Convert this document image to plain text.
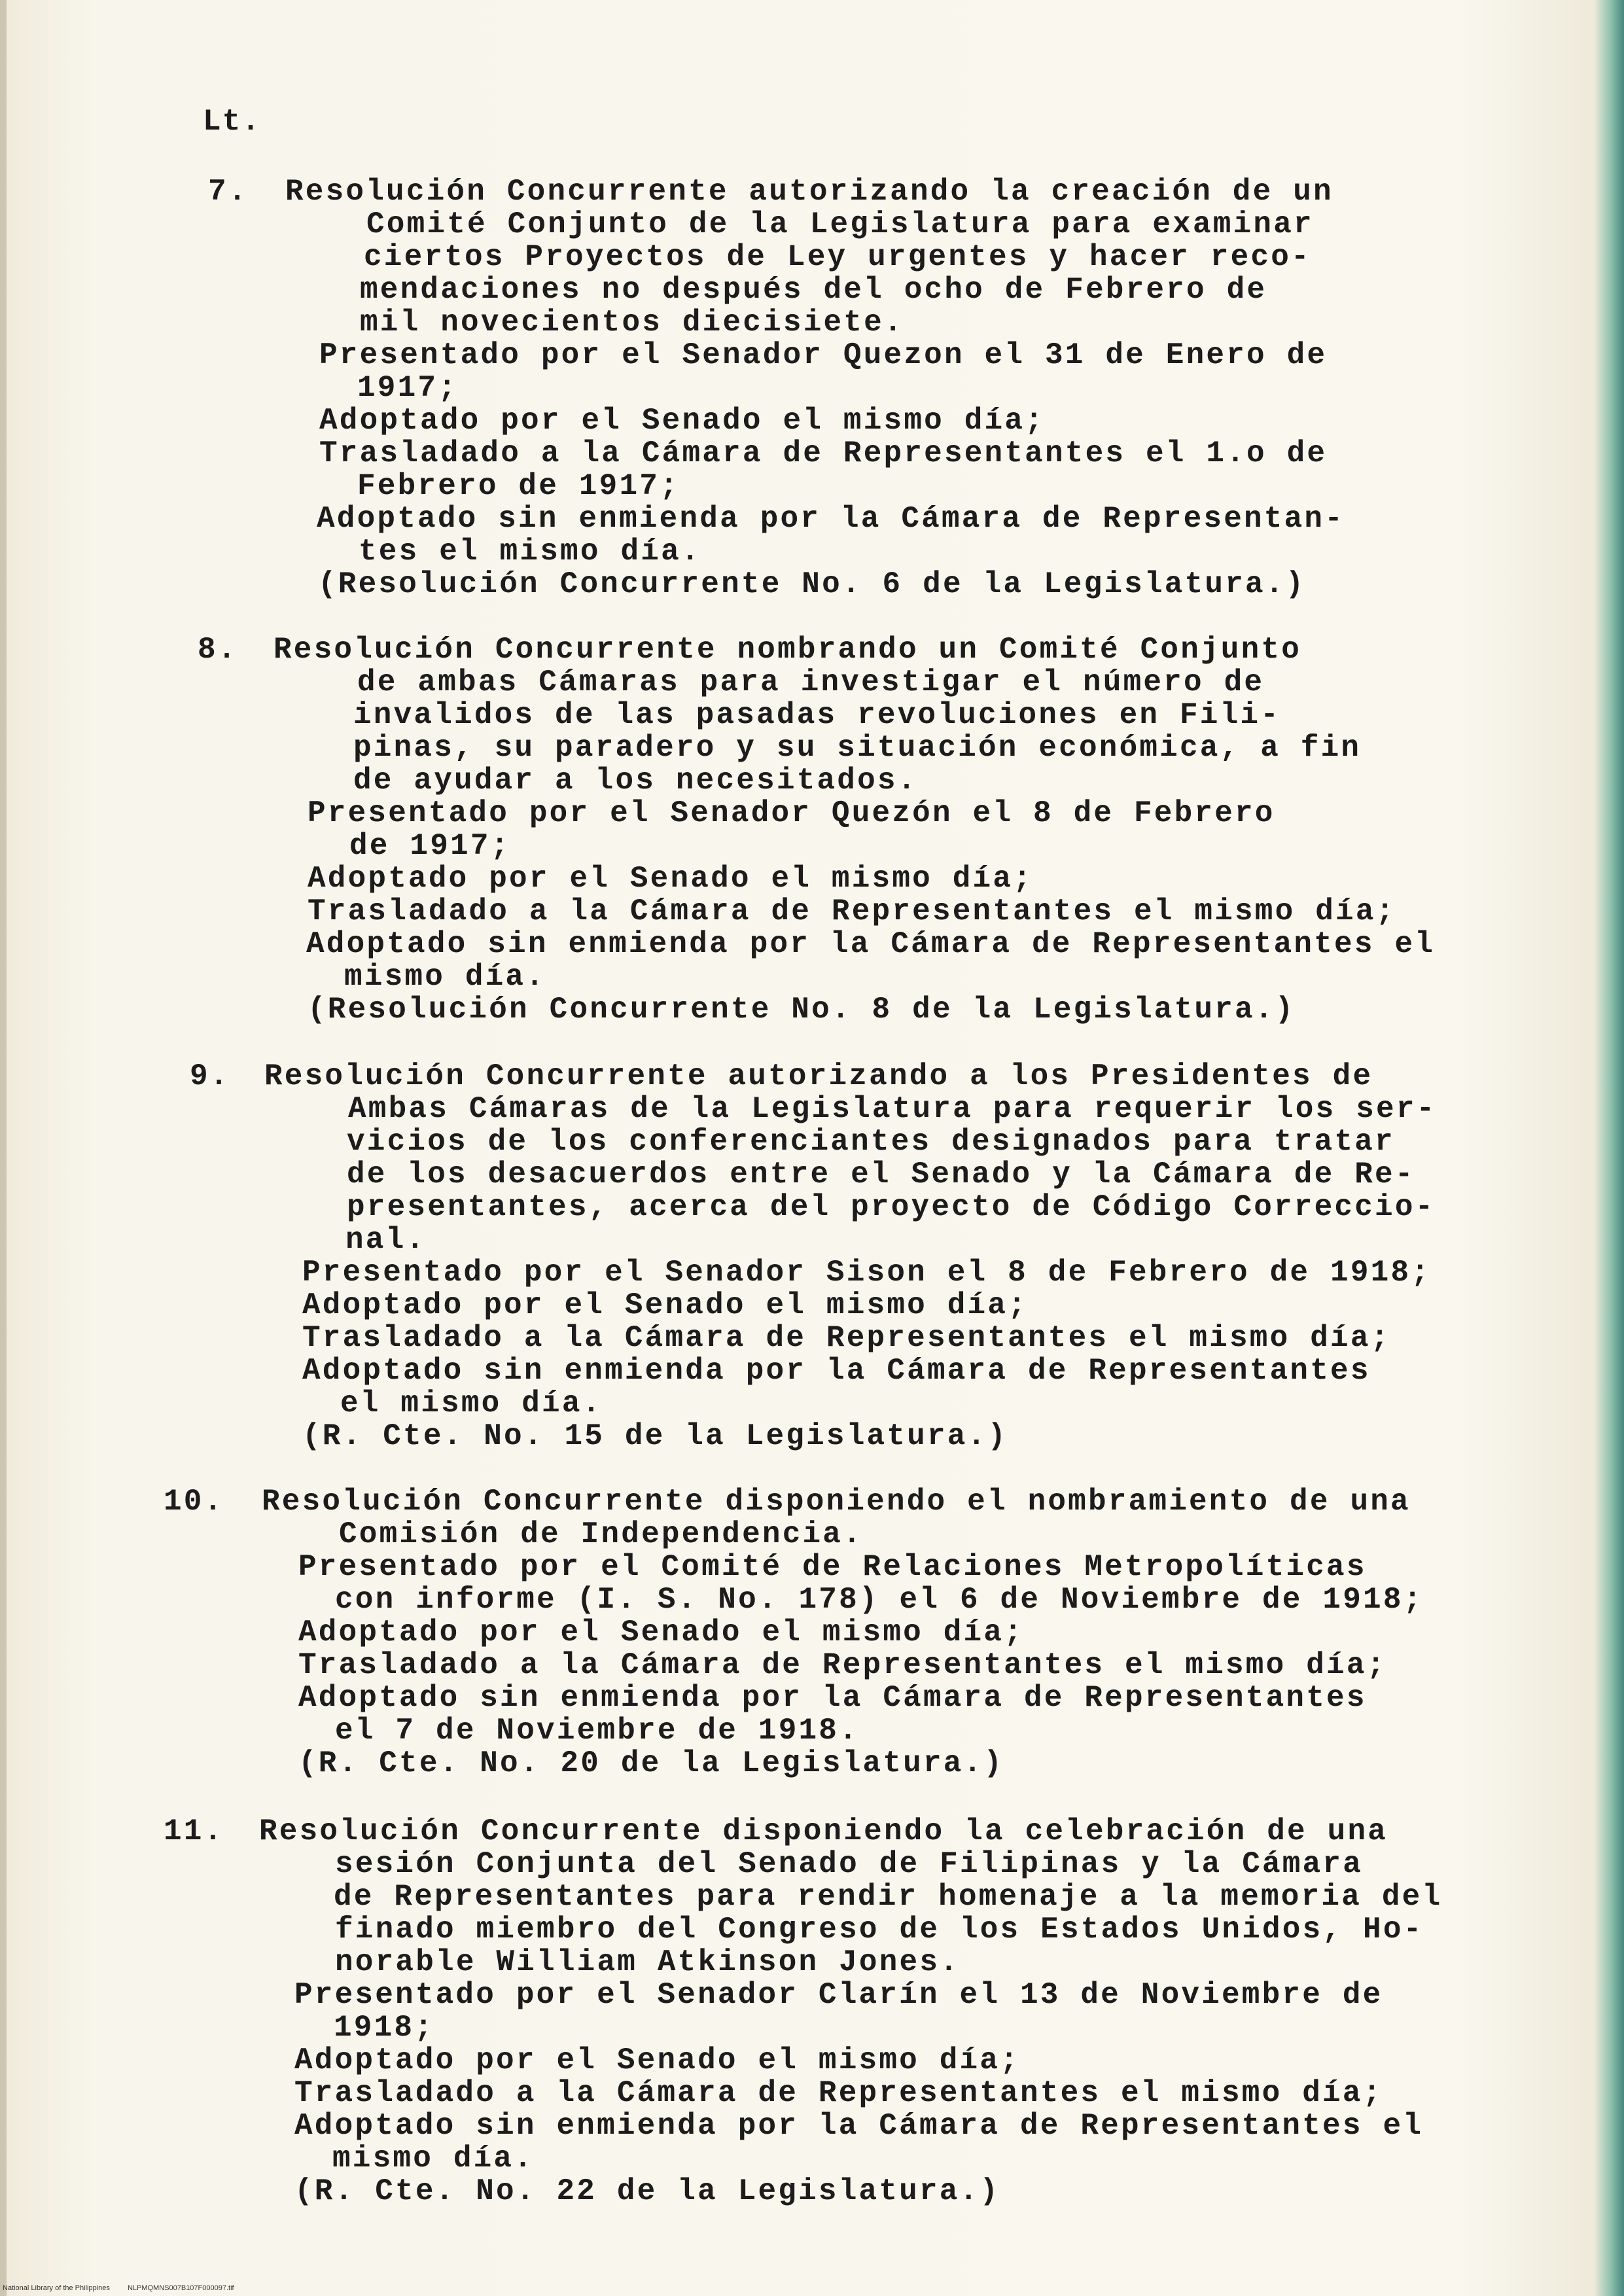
Lt.
7. Resolución Concurrente autorizando la creación de un
Comité Conjunto de la Legislatura para examinar
ciertos Proyectos de Ley urgentes y hacer reco-
mendaciones no después del ocho de Febrero de
mil novecientos diecisiete.
Presentado por el Senador Quezon el 31 de Enero de
1917;
Adoptado por el Senado el mismo día;
Trasladado a la Cámara de Representantes el 1.o de
Febrero de 1917;
Adoptado sin enmienda por la Cámara de Representan-
tes el mismo día.
(Resolución Concurrente No. 6 de la Legislatura.)
8. Resolución Concurrente nombrando un Comité Conjunto
de ambas Cámaras para investigar el número de
invalidos de las pasadas revoluciones en Fili-
pinas, su paradero y su situación económica, a fin
de ayudar a los necesitados.
Presentado por el Senador Quezón el 8 de Febrero
de 1917;
Adoptado por el Senado el mismo día;
Trasladado a la Cámara de Representantes el mismo día;
Adoptado sin enmienda por la Cámara de Representantes el
mismo día.
(Resolución Concurrente No. 8 de la Legislatura.)
9. Resolución Concurrente autorizando a los Presidentes de
Ambas Cámaras de la Legislatura para requerir los ser-
vicios de los conferenciantes designados para tratar
de los desacuerdos entre el Senado y la Cámara de Re-
presentantes, acerca del proyecto de Código Correccio-
nal.
Presentado por el Senador Sison el 8 de Febrero de 1918;
Adoptado por el Senado el mismo día;
Trasladado a la Cámara de Representantes el mismo día;
Adoptado sin enmienda por la Cámara de Representantes
el mismo día.
(R. Cte. No. 15 de la Legislatura.)
10. Resolución Concurrente disponiendo el nombramiento de una
Comisión de Independencia.
Presentado por el Comité de Relaciones Metropolíticas
con informe (I. S. No. 178) el 6 de Noviembre de 1918;
Adoptado por el Senado el mismo día;
Trasladado a la Cámara de Representantes el mismo día;
Adoptado sin enmienda por la Cámara de Representantes
el 7 de Noviembre de 1918.
(R. Cte. No. 20 de la Legislatura.)
11. Resolución Concurrente disponiendo la celebración de una
sesión Conjunta del Senado de Filipinas y la Cámara
de Representantes para rendir homenaje a la memoria del
finado miembro del Congreso de los Estados Unidos, Ho-
norable William Atkinson Jones.
Presentado por el Senador Clarín el 13 de Noviembre de
1918;
Adoptado por el Senado el mismo día;
Trasladado a la Cámara de Representantes el mismo día;
Adoptado sin enmienda por la Cámara de Representantes el
mismo día.
(R. Cte. No. 22 de la Legislatura.)
National Library of the Philippines NLPMQMNS007B107F000097.tif
